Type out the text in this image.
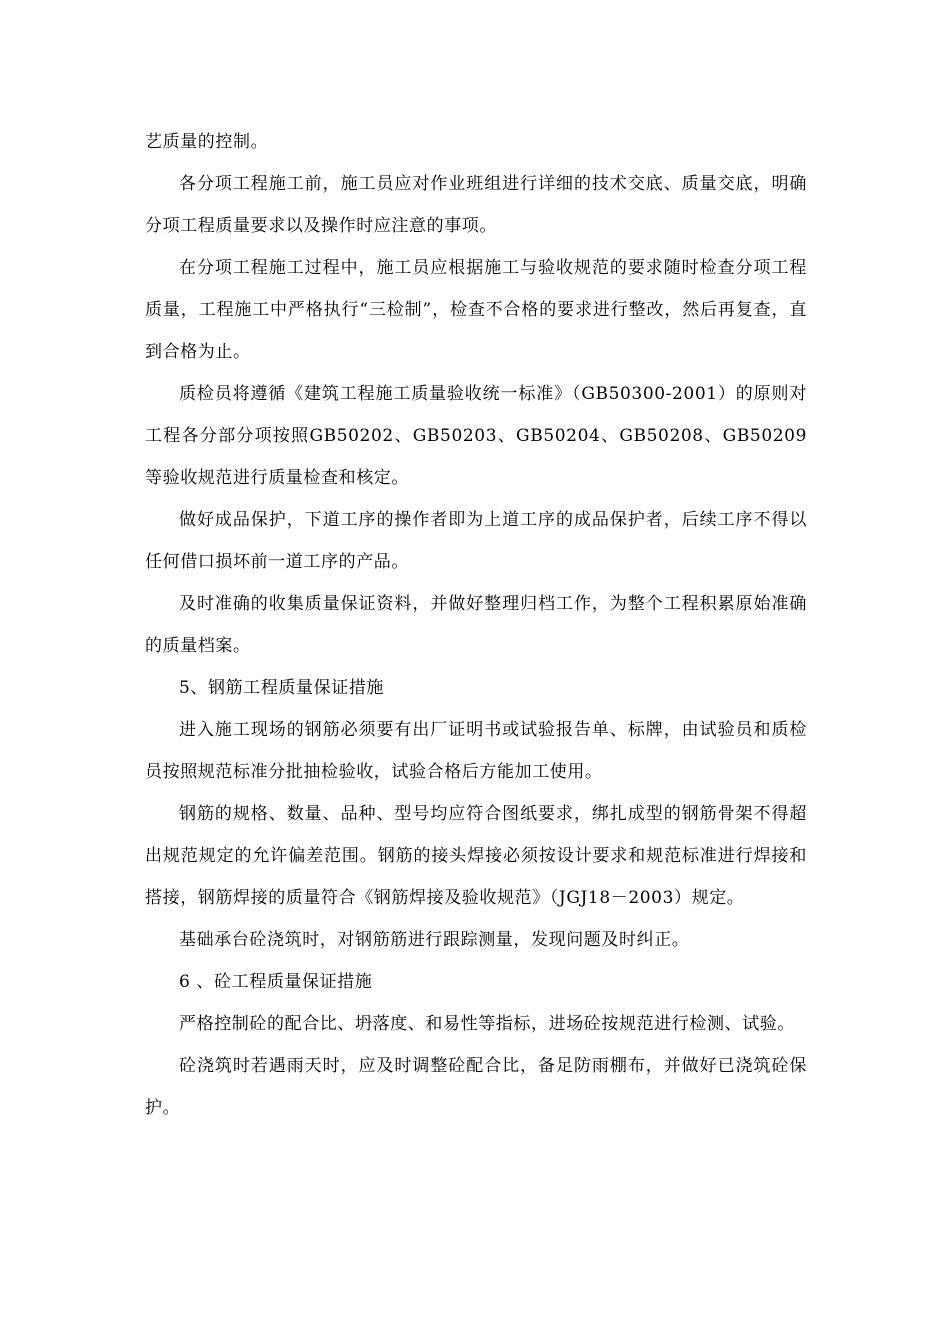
艺质量的控制。

各分项工程施工前，施工员应对作业班组进行详细的技术交底、质量交底，明确分项工程质量要求以及操作时应注意的事项。

在分项工程施工过程中，施工员应根据施工与验收规范的要求随时检查分项工程质量，工程施工中严格执行“三检制”，检查不合格的要求进行整改，然后再复查，直到合格为止。

质检员将遵循《建筑工程施工质量验收统一标准》（GB50300-2001）的原则对工程各分部分项按照GB50202、GB50203、GB50204、GB50208、GB50209等验收规范进行质量检查和核定。

做好成品保护，下道工序的操作者即为上道工序的成品保护者，后续工序不得以任何借口损坏前一道工序的产品。

及时准确的收集质量保证资料，并做好整理归档工作，为整个工程积累原始准确的质量档案。

5、钢筋工程质量保证措施

进入施工现场的钢筋必须要有出厂证明书或试验报告单、标牌，由试验员和质检员按照规范标准分批抽检验收，试验合格后方能加工使用。

钢筋的规格、数量、品种、型号均应符合图纸要求，绑扎成型的钢筋骨架不得超出规范规定的允许偏差范围。钢筋的接头焊接必须按设计要求和规范标准进行焊接和搭接，钢筋焊接的质量符合《钢筋焊接及验收规范》（JGJ18－2003）规定。

基础承台砼浇筑时，对钢筋筋进行跟踪测量，发现问题及时纠正。

6 、砼工程质量保证措施

严格控制砼的配合比、坍落度、和易性等指标，进场砼按规范进行检测、试验。

砼浇筑时若遇雨天时，应及时调整砼配合比，备足防雨棚布，并做好已浇筑砼保护。
